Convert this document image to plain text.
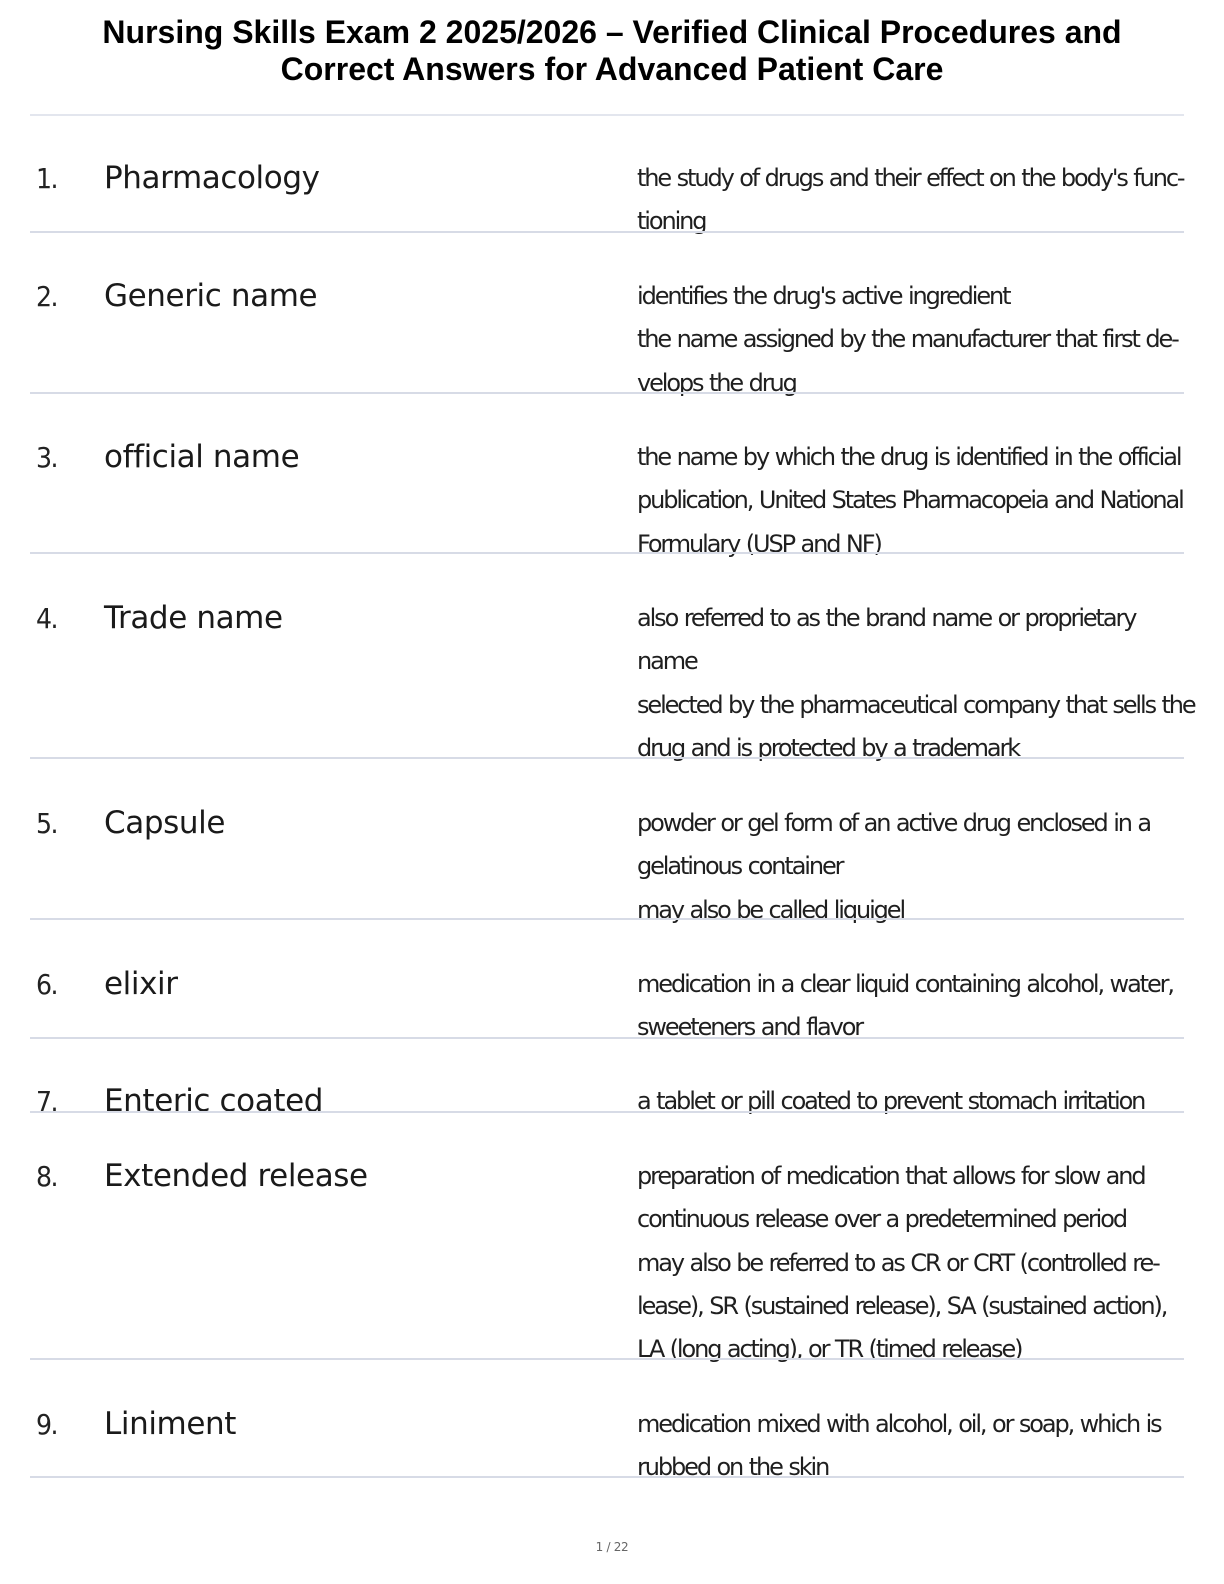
Nursing Skills Exam 2 2025/2026 – Verified Clinical Procedures and
Correct Answers for Advanced Patient Care
1. Pharmacology	the study of drugs and their effect on the body's func-
tioning
2. Generic name	identifies the drug's active ingredient
the name assigned by the manufacturer that first de-
velops the drug
3. official name	the name by which the drug is identified in the official
publication, United States Pharmacopeia and National
Formulary (USP and NF)
4. Trade name	also referred to as the brand name or proprietary
name
selected by the pharmaceutical company that sells the
drug and is protected by a trademark
5. Capsule	powder or gel form of an active drug enclosed in a
gelatinous container
may also be called liquigel
6. elixir	medication in a clear liquid containing alcohol, water,
sweeteners and flavor
7. Enteric coated	a tablet or pill coated to prevent stomach irritation
8. Extended release	preparation of medication that allows for slow and
continuous release over a predetermined period
may also be referred to as CR or CRT (controlled re-
lease), SR (sustained release), SA (sustained action),
LA (long acting), or TR (timed release)
9. Liniment	medication mixed with alcohol, oil, or soap, which is
rubbed on the skin
1 / 22
